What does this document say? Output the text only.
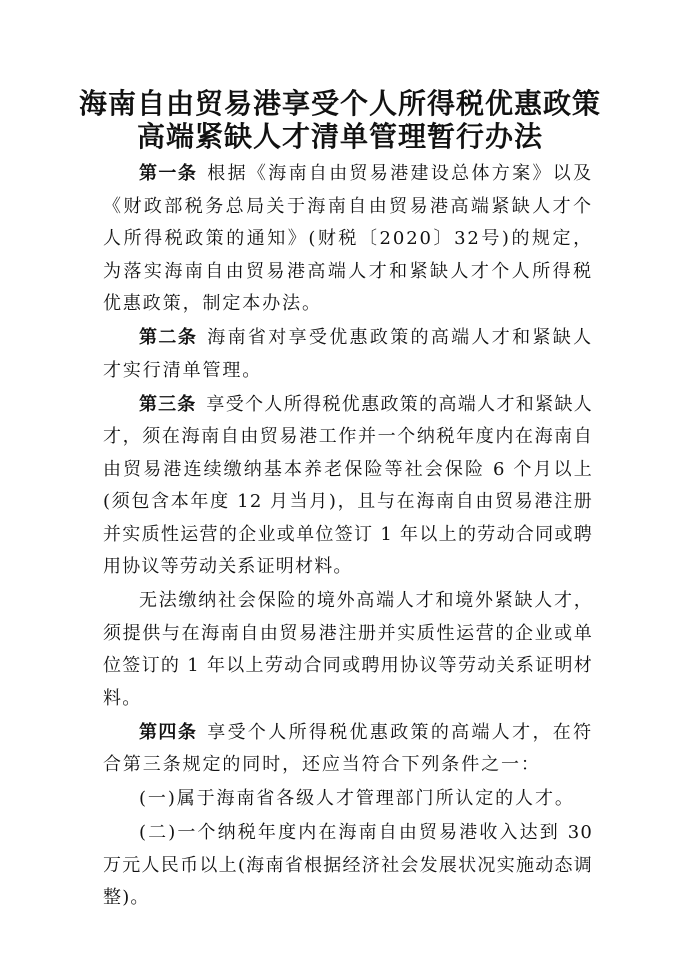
海南自由贸易港享受个人所得税优惠政策
高端紧缺人才清单管理暂行办法

第一条 根据《海南自由贸易港建设总体方案》以及《财政部税务总局关于海南自由贸易港高端紧缺人才个人所得税政策的通知》(财税〔2020〕32号)的规定，为落实海南自由贸易港高端人才和紧缺人才个人所得税优惠政策，制定本办法。

第二条 海南省对享受优惠政策的高端人才和紧缺人才实行清单管理。

第三条 享受个人所得税优惠政策的高端人才和紧缺人才，须在海南自由贸易港工作并一个纳税年度内在海南自由贸易港连续缴纳基本养老保险等社会保险 6 个月以上(须包含本年度 12 月当月)，且与在海南自由贸易港注册并实质性运营的企业或单位签订 1 年以上的劳动合同或聘用协议等劳动关系证明材料。

无法缴纳社会保险的境外高端人才和境外紧缺人才，须提供与在海南自由贸易港注册并实质性运营的企业或单位签订的 1 年以上劳动合同或聘用协议等劳动关系证明材料。

第四条 享受个人所得税优惠政策的高端人才，在符合第三条规定的同时，还应当符合下列条件之一：

(一)属于海南省各级人才管理部门所认定的人才。

(二)一个纳税年度内在海南自由贸易港收入达到 30 万元人民币以上(海南省根据经济社会发展状况实施动态调整)。
